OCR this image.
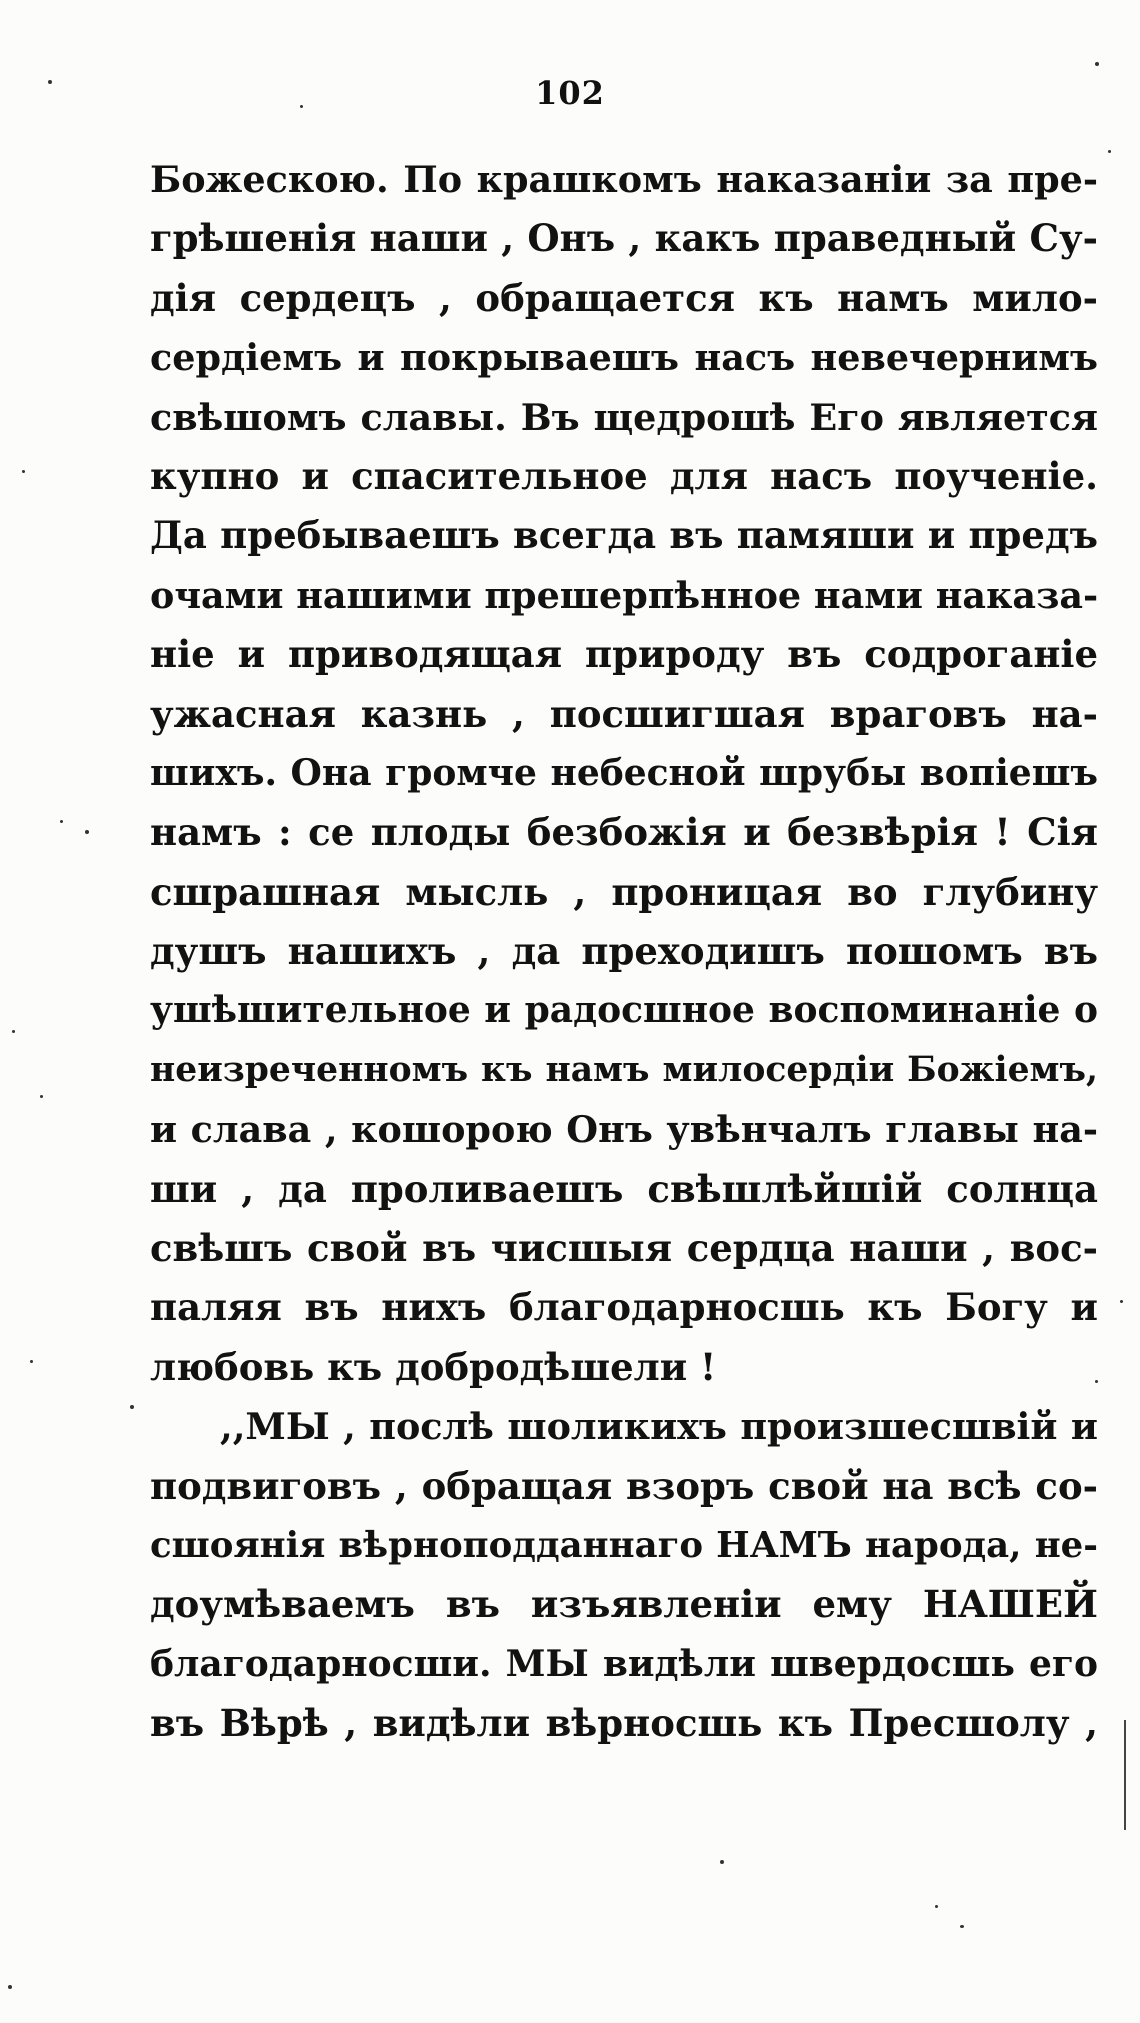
102
Божескою. По крашкомъ наказаніи за пре-
грѣшенія наши , Онъ , какъ праведный Су-
дія сердецъ , обращается къ намъ мило-
сердіемъ и покрываешъ насъ невечернимъ
свѣшомъ славы. Въ щедрошѣ Его является
купно и спасительное для насъ поученіе.
Да пребываешъ всегда въ памяши и предъ
очами нашими прешерпѣнное нами наказа-
ніе и приводящая природу въ содроганіе
ужасная казнь , посшигшая враговъ на-
шихъ. Она громче небесной шрубы вопіешъ
намъ : се плоды безбожія и безвѣрія ! Сія
сшрашная мысль , проницая во глубину
душъ нашихъ , да преходишъ пошомъ въ
ушѣшительное и радосшное воспоминаніе о
неизреченномъ къ намъ милосердіи Божіемъ,
и слава , кошорою Онъ увѣнчалъ главы на-
ши , да проливаешъ свѣшлѣйшій солнца
свѣшъ свой въ чисшыя сердца наши , вос-
паляя въ нихъ благодарносшь къ Богу и
любовь къ добродѣшели !
,,МЫ , послѣ шоликихъ произшесшвій и
подвиговъ , обращая взоръ свой на всѣ со-
сшоянія вѣрноподданнаго НАМЪ народа, не-
доумѣваемъ въ изъявленіи ему НАШЕЙ
благодарносши. МЫ видѣли швердосшь его
въ Вѣрѣ , видѣли вѣрносшь къ Пресшолу ,
